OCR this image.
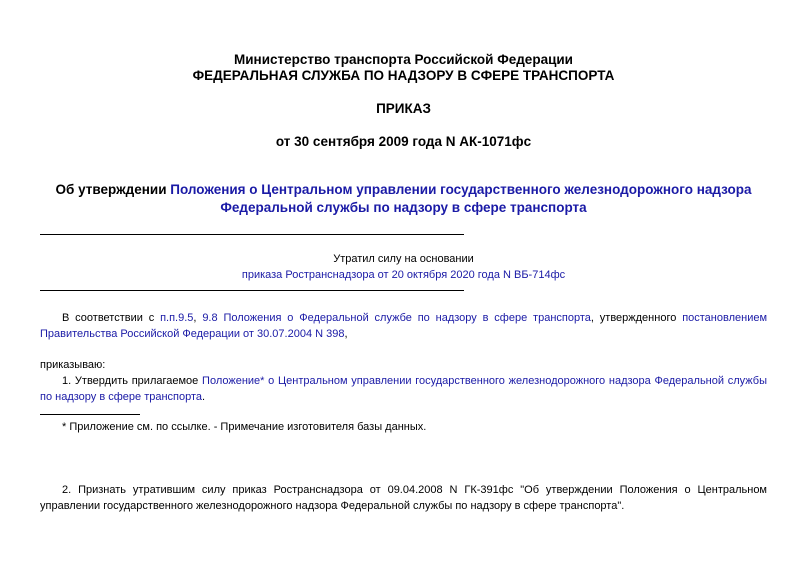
Министерство транспорта Российской Федерации
ФЕДЕРАЛЬНАЯ СЛУЖБА ПО НАДЗОРУ В СФЕРЕ ТРАНСПОРТА
ПРИКАЗ
от 30 сентября 2009 года N АК-1071фс
Об утверждении Положения о Центральном управлении государственного железнодорожного надзора
Федеральной службы по надзору в сфере транспорта
Утратил силу на основании
приказа Ространснадзора от 20 октября 2020 года N ВБ-714фс
В соответствии с п.п.9.5, 9.8 Положения о Федеральной службе по надзору в сфере транспорта, утвержденного постановлением Правительства Российской Федерации от 30.07.2004 N 398,
приказываю:
1. Утвердить прилагаемое Положение* о Центральном управлении государственного железнодорожного надзора Федеральной службы по надзору в сфере транспорта.
* Приложение см. по ссылке. - Примечание изготовителя базы данных.
2. Признать утратившим силу приказ Ространснадзора от 09.04.2008 N ГК-391фс "Об утверждении Положения о Центральном управлении государственного железнодорожного надзора Федеральной службы по надзору в сфере транспорта".
